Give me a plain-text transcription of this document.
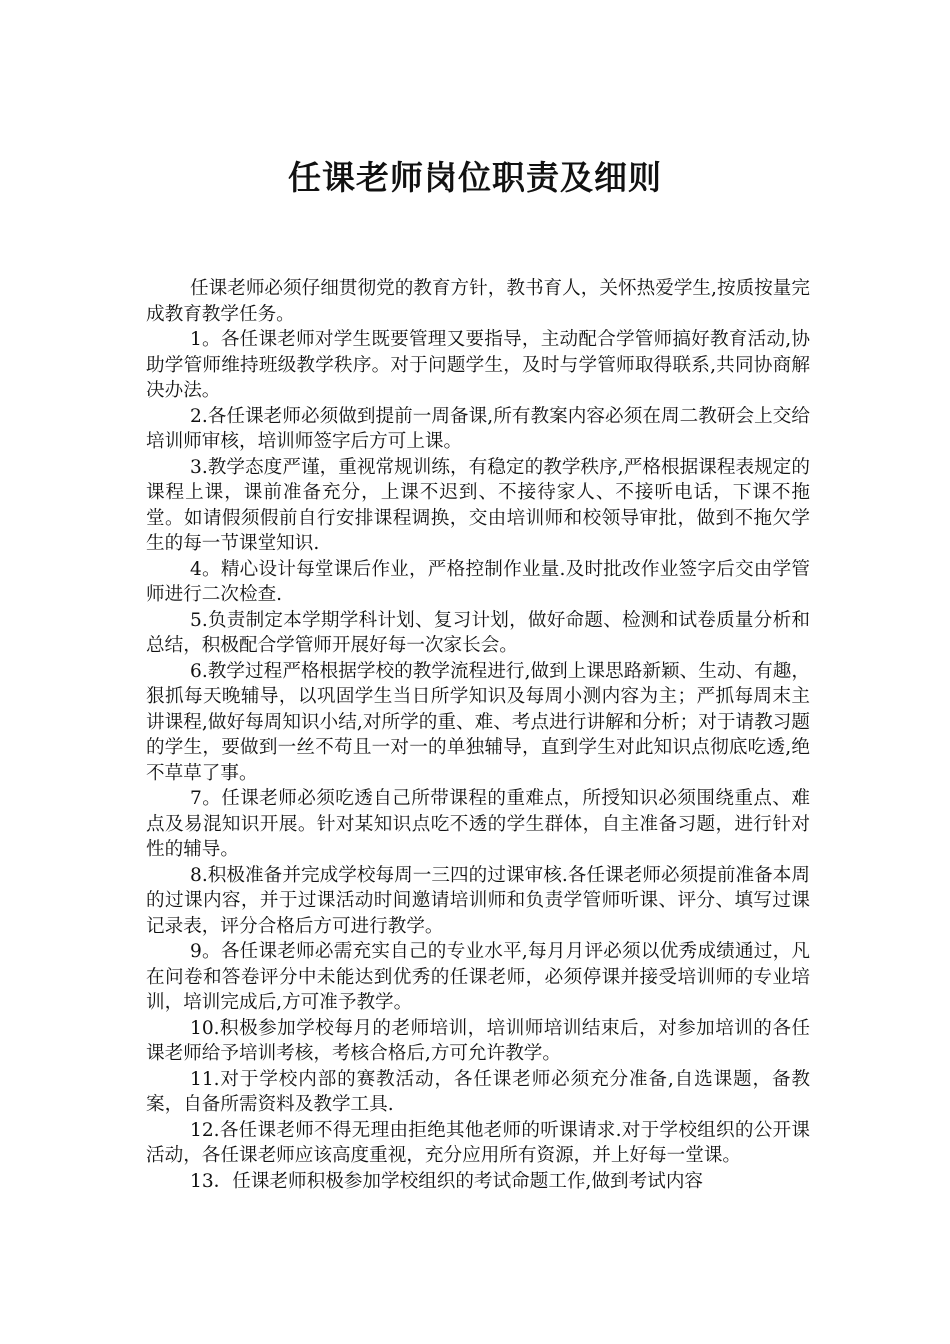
任课老师岗位职责及细则

任课老师必须仔细贯彻党的教育方针，教书育人，关怀热爱学生,按质按量完成教育教学任务。

1。各任课老师对学生既要管理又要指导，主动配合学管师搞好教育活动,协助学管师维持班级教学秩序。对于问题学生，及时与学管师取得联系,共同协商解决办法。

2.各任课老师必须做到提前一周备课,所有教案内容必须在周二教研会上交给培训师审核，培训师签字后方可上课。

3.教学态度严谨，重视常规训练，有稳定的教学秩序,严格根据课程表规定的课程上课，课前准备充分，上课不迟到、不接待家人、不接听电话，下课不拖堂。如请假须假前自行安排课程调换，交由培训师和校领导审批，做到不拖欠学生的每一节课堂知识.

4。精心设计每堂课后作业，严格控制作业量.及时批改作业签字后交由学管师进行二次检查.

5.负责制定本学期学科计划、复习计划，做好命题、检测和试卷质量分析和总结，积极配合学管师开展好每一次家长会。

6.教学过程严格根据学校的教学流程进行,做到上课思路新颖、生动、有趣，狠抓每天晚辅导，以巩固学生当日所学知识及每周小测内容为主；严抓每周末主讲课程,做好每周知识小结,对所学的重、难、考点进行讲解和分析；对于请教习题的学生，要做到一丝不苟且一对一的单独辅导，直到学生对此知识点彻底吃透,绝不草草了事。

7。任课老师必须吃透自己所带课程的重难点，所授知识必须围绕重点、难点及易混知识开展。针对某知识点吃不透的学生群体，自主准备习题，进行针对性的辅导。

8.积极准备并完成学校每周一三四的过课审核.各任课老师必须提前准备本周的过课内容，并于过课活动时间邀请培训师和负责学管师听课、评分、填写过课记录表，评分合格后方可进行教学。

9。各任课老师必需充实自己的专业水平,每月月评必须以优秀成绩通过，凡在问卷和答卷评分中未能达到优秀的任课老师，必须停课并接受培训师的专业培训，培训完成后,方可准予教学。

10.积极参加学校每月的老师培训，培训师培训结束后，对参加培训的各任课老师给予培训考核，考核合格后,方可允许教学。

11.对于学校内部的赛教活动，各任课老师必须充分准备,自选课题，备教案，自备所需资料及教学工具.

12.各任课老师不得无理由拒绝其他老师的听课请求.对于学校组织的公开课活动，各任课老师应该高度重视，充分应用所有资源，并上好每一堂课。

13．任课老师积极参加学校组织的考试命题工作,做到考试内容
